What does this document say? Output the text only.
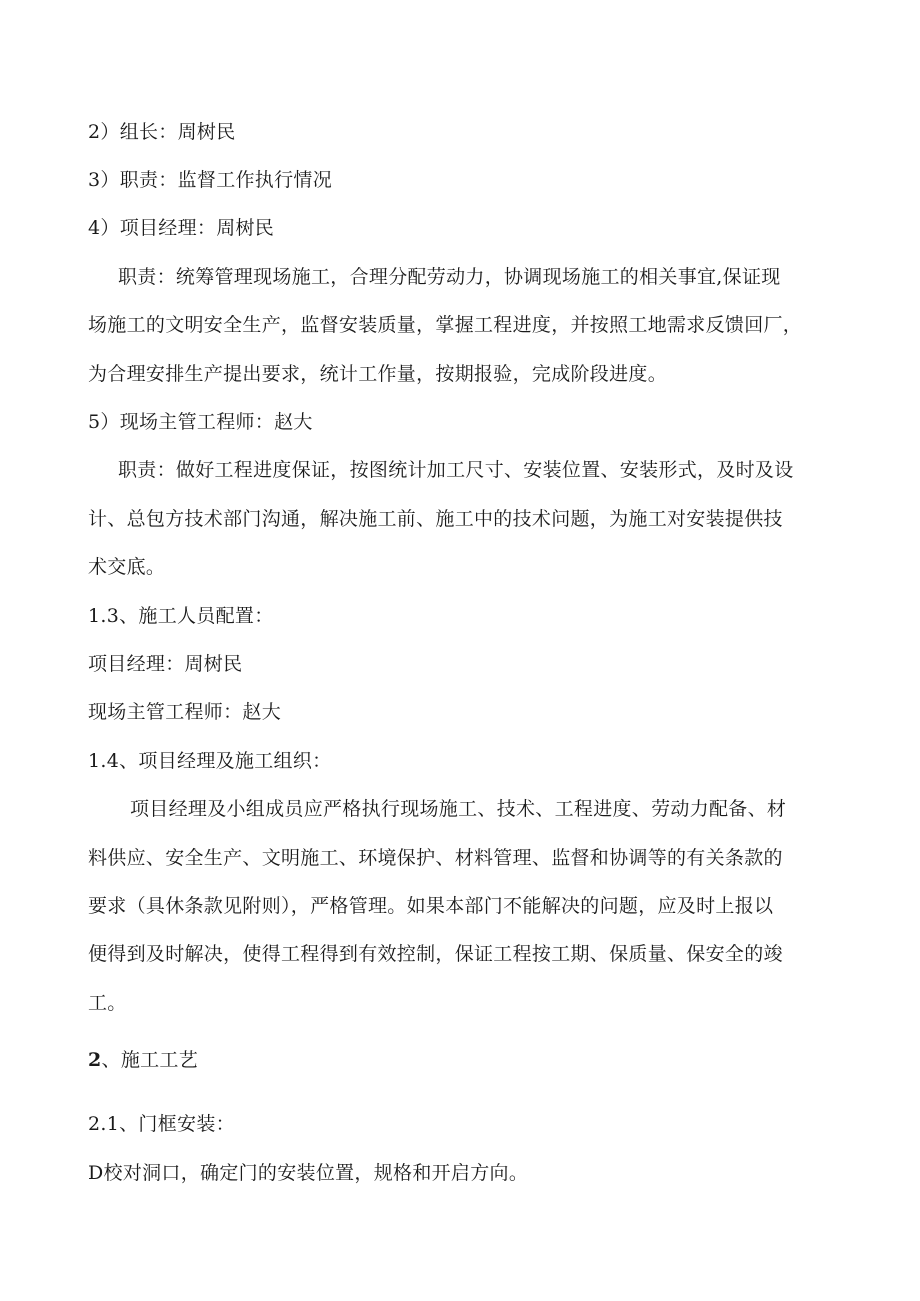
2）组长：周树民
3）职责：监督工作执行情况
4）项目经理：周树民
职责：统筹管理现场施工，合理分配劳动力，协调现场施工的相关事宜,保证现
场施工的文明安全生产，监督安装质量，掌握工程进度，并按照工地需求反馈回厂，
为合理安排生产提出要求，统计工作量，按期报验，完成阶段进度。
5）现场主管工程师：赵大
职责：做好工程进度保证，按图统计加工尺寸、安装位置、安装形式，及时及设
计、总包方技术部门沟通，解决施工前、施工中的技术问题，为施工对安装提供技
术交底。
1.3、施工人员配置：
项目经理：周树民
现场主管工程师：赵大
1.4、项目经理及施工组织：
项目经理及小组成员应严格执行现场施工、技术、工程进度、劳动力配备、材
料供应、安全生产、文明施工、环境保护、材料管理、监督和协调等的有关条款的
要求（具休条款见附则），严格管理。如果本部门不能解决的问题，应及时上报以
便得到及时解决，使得工程得到有效控制，保证工程按工期、保质量、保安全的竣
工。
2、施工工艺
2.1、门框安装：
D校对洞口，确定门的安装位置，规格和开启方向。
